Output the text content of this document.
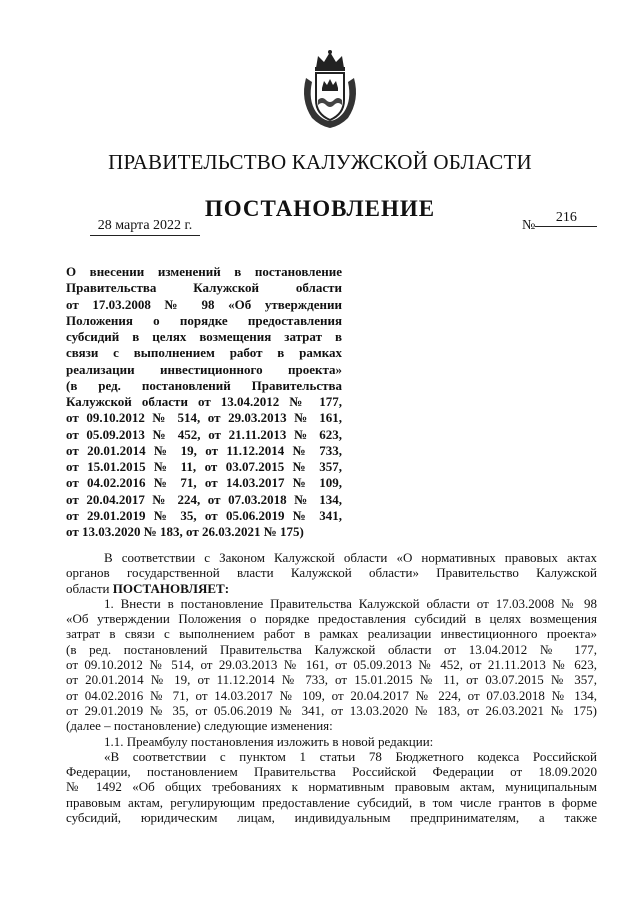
ПРАВИТЕЛЬСТВО КАЛУЖСКОЙ ОБЛАСТИ
ПОСТАНОВЛЕНИЕ
28 марта 2022 г.	№216
О внесении изменений в постановление
Правительства Калужской области
от 17.03.2008 № 98 «Об утверждении
Положения о порядке предоставления
субсидий в целях возмещения затрат в
связи с выполнением работ в рамках
реализации инвестиционного проекта»
(в ред. постановлений Правительства
Калужской области от 13.04.2012 № 177,
от 09.10.2012 № 514, от 29.03.2013 № 161,
от 05.09.2013 № 452, от 21.11.2013 № 623,
от 20.01.2014 № 19, от 11.12.2014 № 733,
от 15.01.2015 № 11, от 03.07.2015 № 357,
от 04.02.2016 № 71, от 14.03.2017 № 109,
от 20.04.2017 № 224, от 07.03.2018 № 134,
от 29.01.2019 № 35, от 05.06.2019 № 341,
от 13.03.2020 № 183, от 26.03.2021 № 175)
В соответствии с Законом Калужской области «О нормативных правовых актах
органов государственной власти Калужской области» Правительство Калужской
области ПОСТАНОВЛЯЕТ:
1. Внести в постановление Правительства Калужской области от 17.03.2008 № 98
«Об утверждении Положения о порядке предоставления субсидий в целях возмещения
затрат в связи с выполнением работ в рамках реализации инвестиционного проекта»
(в ред. постановлений Правительства Калужской области от 13.04.2012 № 177,
от 09.10.2012 № 514, от 29.03.2013 № 161, от 05.09.2013 № 452, от 21.11.2013 № 623,
от 20.01.2014 № 19, от 11.12.2014 № 733, от 15.01.2015 № 11, от 03.07.2015 № 357,
от 04.02.2016 № 71, от 14.03.2017 № 109, от 20.04.2017 № 224, от 07.03.2018 № 134,
от 29.01.2019 № 35, от 05.06.2019 № 341, от 13.03.2020 № 183, от 26.03.2021 № 175)
(далее – постановление) следующие изменения:
1.1. Преамбулу постановления изложить в новой редакции:
«В соответствии с пунктом 1 статьи 78 Бюджетного кодекса Российской
Федерации, постановлением Правительства Российской Федерации от 18.09.2020
№ 1492 «Об общих требованиях к нормативным правовым актам, муниципальным
правовым актам, регулирующим предоставление субсидий, в том числе грантов в форме
субсидий, юридическим лицам, индивидуальным предпринимателям, а также
